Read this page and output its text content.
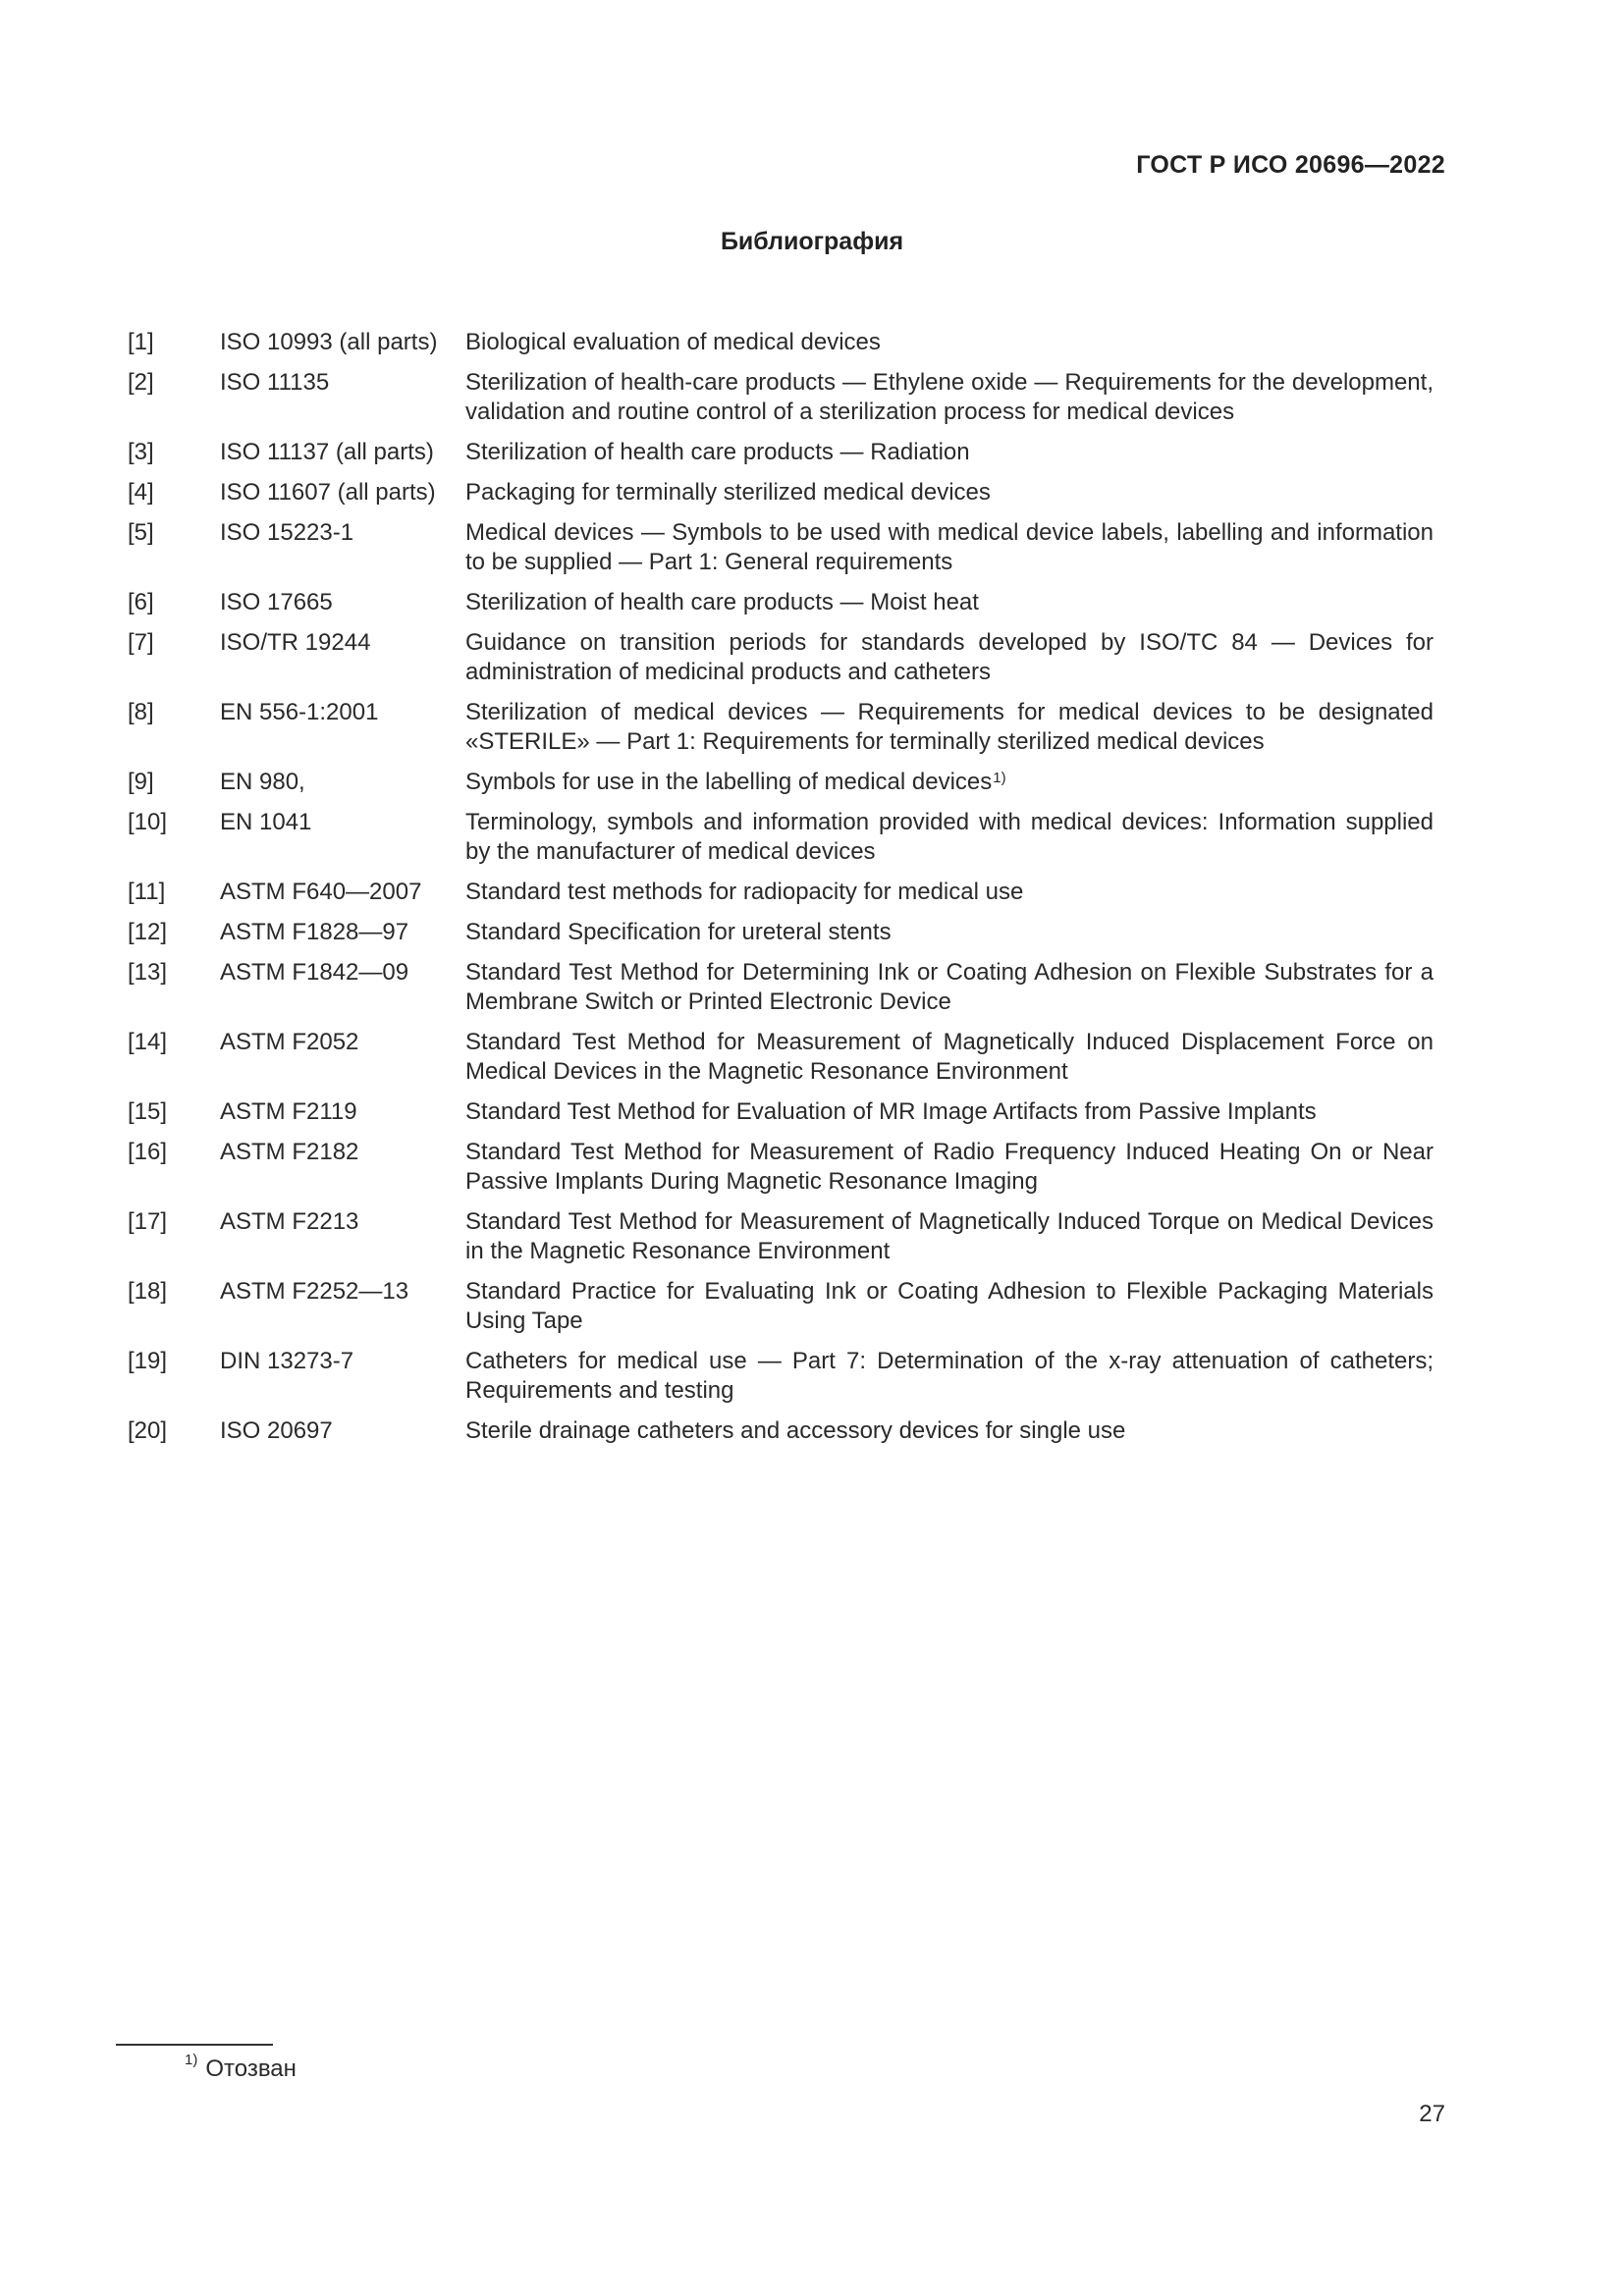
ГОСТ Р ИСО 20696—2022
Библиография
[1]	ISO 10993 (all parts)	Biological evaluation of medical devices
[2]	ISO 11135	Sterilization of health-care products — Ethylene oxide — Requirements for the development, validation and routine control of a sterilization process for medical devices
[3]	ISO 11137 (all parts)	Sterilization of health care products — Radiation
[4]	ISO 11607 (all parts)	Packaging for terminally sterilized medical devices
[5]	ISO 15223-1	Medical devices — Symbols to be used with medical device labels, labelling and information to be supplied — Part 1: General requirements
[6]	ISO 17665	Sterilization of health care products — Moist heat
[7]	ISO/TR 19244	Guidance on transition periods for standards developed by ISO/TC 84 — Devices for administration of medicinal products and catheters
[8]	EN 556-1:2001	Sterilization of medical devices — Requirements for medical devices to be designated «STERILE» — Part 1: Requirements for terminally sterilized medical devices
[9]	EN 980,	Symbols for use in the labelling of medical devices$^{1)}$
[10]	EN 1041	Terminology, symbols and information provided with medical devices: Information supplied by the manufacturer of medical devices
[11]	ASTM F640—2007	Standard test methods for radiopacity for medical use
[12]	ASTM F1828—97	Standard Specification for ureteral stents
[13]	ASTM F1842—09	Standard Test Method for Determining Ink or Coating Adhesion on Flexible Substrates for a Membrane Switch or Printed Electronic Device
[14]	ASTM F2052	Standard Test Method for Measurement of Magnetically Induced Displacement Force on Medical Devices in the Magnetic Resonance Environment
[15]	ASTM F2119	Standard Test Method for Evaluation of MR Image Artifacts from Passive Implants
[16]	ASTM F2182	Standard Test Method for Measurement of Radio Frequency Induced Heating On or Near Passive Implants During Magnetic Resonance Imaging
[17]	ASTM F2213	Standard Test Method for Measurement of Magnetically Induced Torque on Medical Devices in the Magnetic Resonance Environment
[18]	ASTM F2252—13	Standard Practice for Evaluating Ink or Coating Adhesion to Flexible Packaging Materials Using Tape
[19]	DIN 13273-7	Catheters for medical use — Part 7: Determination of the x-ray attenuation of catheters; Requirements and testing
[20]	ISO 20697	Sterile drainage catheters and accessory devices for single use
$^{1)}$ Отозван
27
